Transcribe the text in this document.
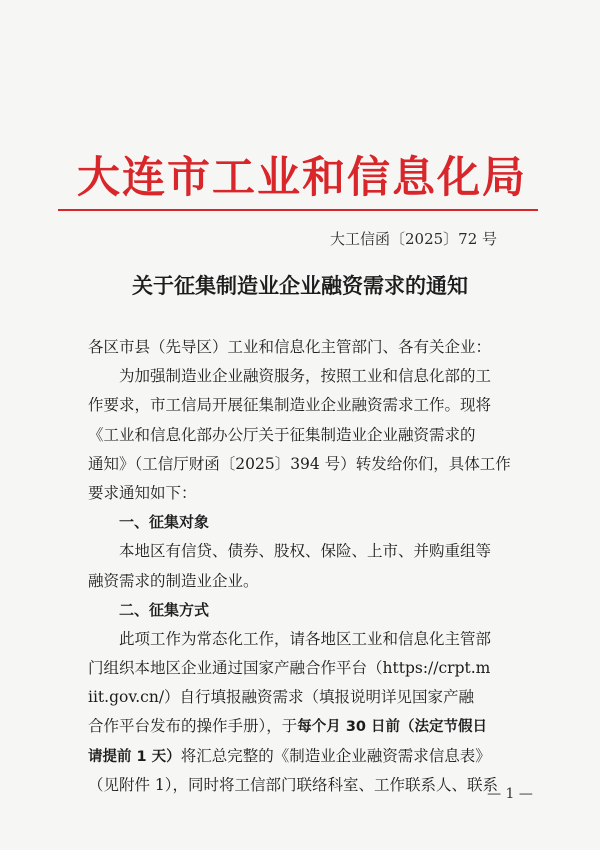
大连市工业和信息化局
大工信函〔2025〕72 号
关于征集制造业企业融资需求的通知
各区市县（先导区）工业和信息化主管部门、各有关企业：
为加强制造业企业融资服务，按照工业和信息化部的工
作要求，市工信局开展征集制造业企业融资需求工作。现将
《工业和信息化部办公厅关于征集制造业企业融资需求的
通知》（工信厅财函〔2025〕394 号）转发给你们，具体工作
要求通知如下：
一、征集对象
本地区有信贷、债券、股权、保险、上市、并购重组等
融资需求的制造业企业。
二、征集方式
此项工作为常态化工作，请各地区工业和信息化主管部
门组织本地区企业通过国家产融合作平台（https://crpt.m
iit.gov.cn/）自行填报融资需求（填报说明详见国家产融
合作平台发布的操作手册），于每个月 30 日前（法定节假日
请提前 1 天）将汇总完整的《制造业企业融资需求信息表》
（见附件 1），同时将工信部门联络科室、工作联系人、联系
— 1 —
